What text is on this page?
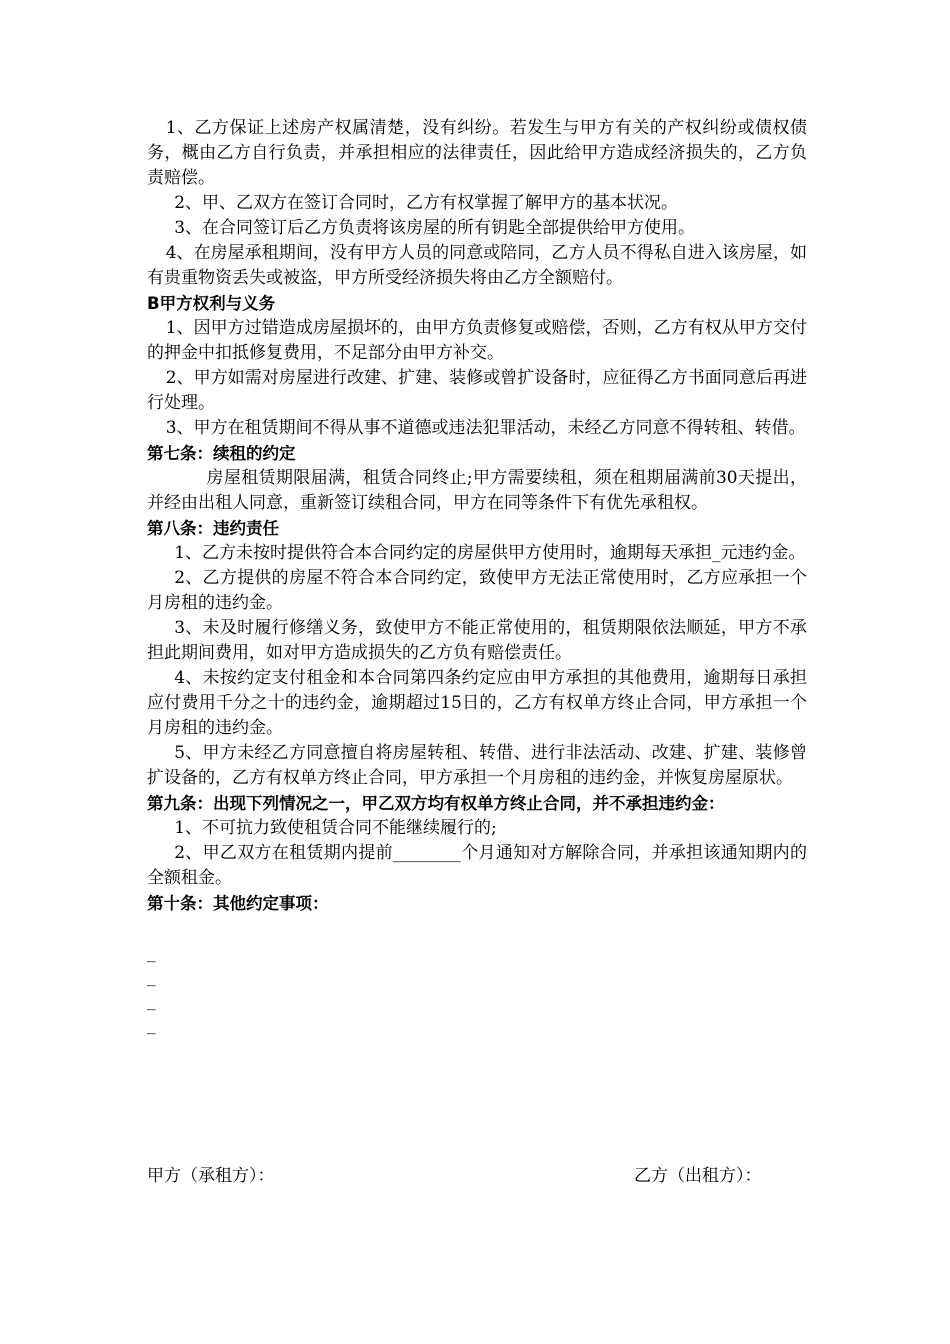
1、乙方保证上述房产权属清楚，没有纠纷。若发生与甲方有关的产权纠纷或债权债务，概由乙方自行负责，并承担相应的法律责任，因此给甲方造成经济损失的，乙方负责赔偿。

2、甲、乙双方在签订合同时，乙方有权掌握了解甲方的基本状况。

3、在合同签订后乙方负责将该房屋的所有钥匙全部提供给甲方使用。

4、在房屋承租期间，没有甲方人员的同意或陪同，乙方人员不得私自进入该房屋，如有贵重物资丢失或被盗，甲方所受经济损失将由乙方全额赔付。

B甲方权利与义务

1、因甲方过错造成房屋损坏的，由甲方负责修复或赔偿，否则，乙方有权从甲方交付的押金中扣抵修复费用，不足部分由甲方补交。

2、甲方如需对房屋进行改建、扩建、装修或曾扩设备时，应征得乙方书面同意后再进行处理。

3、甲方在租赁期间不得从事不道德或违法犯罪活动，未经乙方同意不得转租、转借。

第七条：续租的约定

房屋租赁期限届满，租赁合同终止;甲方需要续租，须在租期届满前30天提出，并经由出租人同意，重新签订续租合同，甲方在同等条件下有优先承租权。

第八条：违约责任

1、乙方未按时提供符合本合同约定的房屋供甲方使用时，逾期每天承担_元违约金。

2、乙方提供的房屋不符合本合同约定，致使甲方无法正常使用时，乙方应承担一个月房租的违约金。

3、未及时履行修缮义务，致使甲方不能正常使用的，租赁期限依法顺延，甲方不承担此期间费用，如对甲方造成损失的乙方负有赔偿责任。

4、未按约定支付租金和本合同第四条约定应由甲方承担的其他费用，逾期每日承担应付费用千分之十的违约金，逾期超过15日的，乙方有权单方终止合同，甲方承担一个月房租的违约金。

5、甲方未经乙方同意擅自将房屋转租、转借、进行非法活动、改建、扩建、装修曾扩设备的，乙方有权单方终止合同，甲方承担一个月房租的违约金，并恢复房屋原状。

第九条：出现下列情况之一，甲乙双方均有权单方终止合同，并不承担违约金：

1、不可抗力致使租赁合同不能继续履行的;

2、甲乙双方在租赁期内提前________个月通知对方解除合同，并承担该通知期内的全额租金。

第十条：其他约定事项：

_

_

_

_

甲方（承租方）：	乙方（出租方）：
